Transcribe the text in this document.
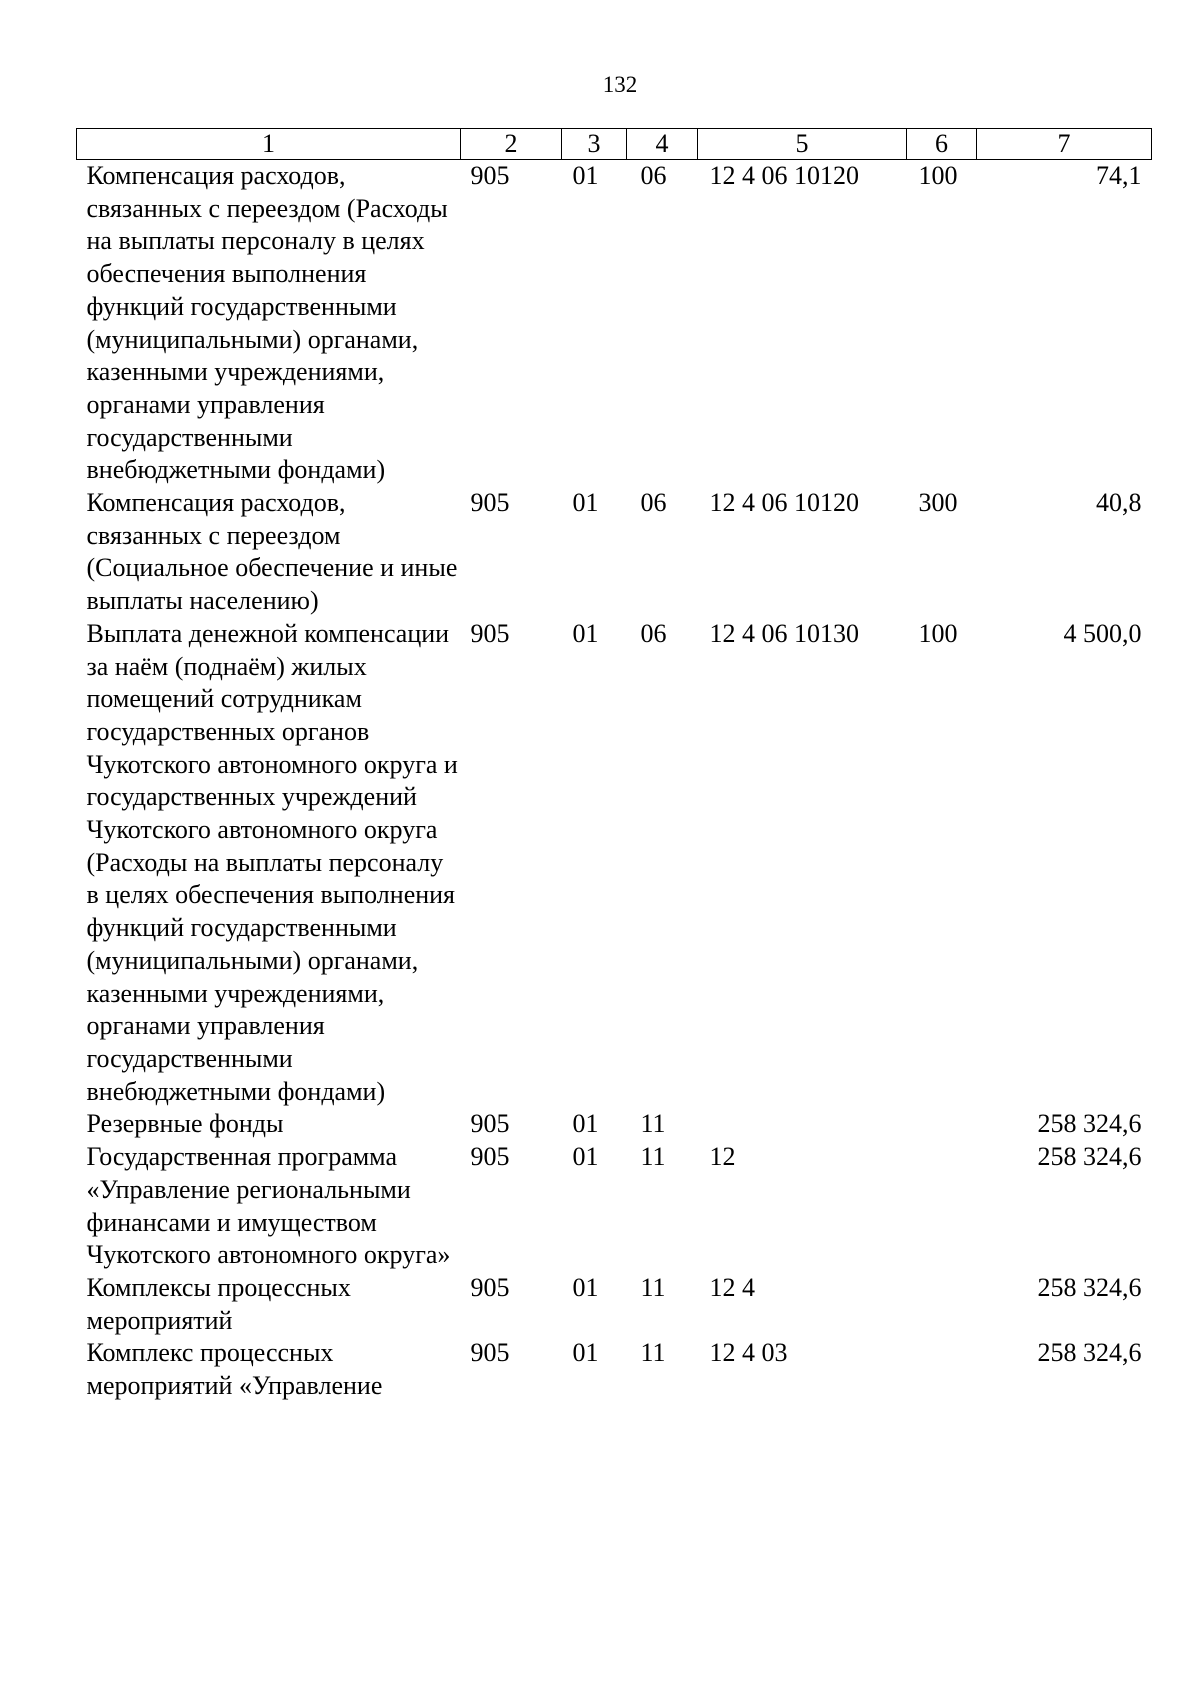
132
1	2	3	4	5	6	7
Компенсация расходов, связанных с переездом (Расходы на выплаты персоналу в целях обеспечения выполнения функций государственными (муниципальными) органами, казенными учреждениями, органами управления государственными внебюджетными фондами)	905	01	06	12 4 06 10120	100	74,1
Компенсация расходов, связанных с переездом (Социальное обеспечение и иные выплаты населению)	905	01	06	12 4 06 10120	300	40,8
Выплата денежной компенсации за наём (поднаём) жилых помещений сотрудникам государственных органов Чукотского автономного округа и государственных учреждений Чукотского автономного округа (Расходы на выплаты персоналу в целях обеспечения выполнения функций государственными (муниципальными) органами, казенными учреждениями, органами управления государственными внебюджетными фондами)	905	01	06	12 4 06 10130	100	4 500,0
Резервные фонды	905	01	11			258 324,6
Государственная программа «Управление региональными финансами и имуществом Чукотского автономного округа»	905	01	11	12		258 324,6
Комплексы процессных мероприятий	905	01	11	12 4		258 324,6
Комплекс процессных мероприятий «Управление	905	01	11	12 4 03		258 324,6
